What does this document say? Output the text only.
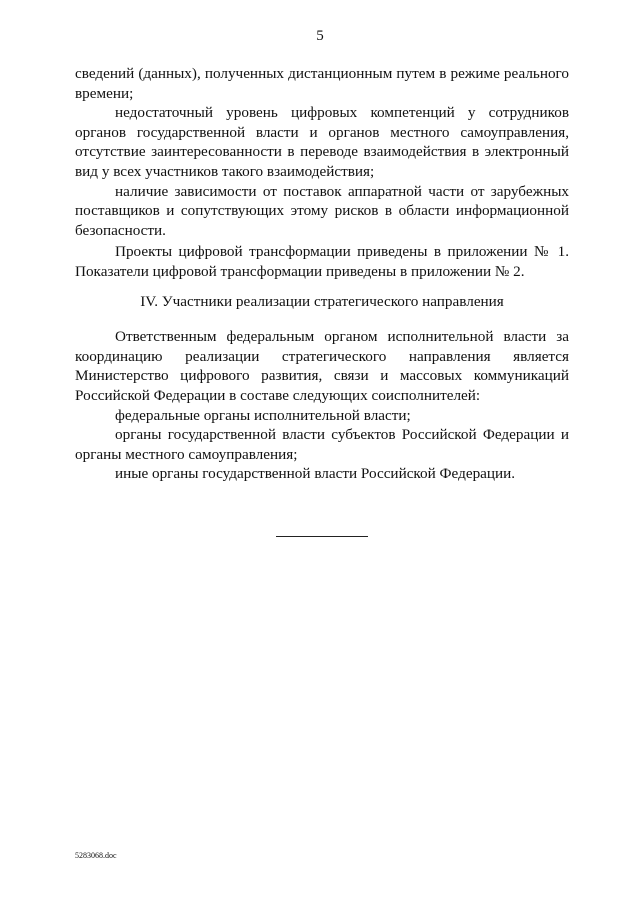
5

сведений (данных), полученных дистанционным путем в режиме реального времени;

недостаточный уровень цифровых компетенций у сотрудников органов государственной власти и органов местного самоуправления, отсутствие заинтересованности в переводе взаимодействия в электронный вид у всех участников такого взаимодействия;

наличие зависимости от поставок аппаратной части от зарубежных поставщиков и сопутствующих этому рисков в области информационной безопасности.

Проекты цифровой трансформации приведены в приложении № 1. Показатели цифровой трансформации приведены в приложении № 2.

IV. Участники реализации стратегического направления

Ответственным федеральным органом исполнительной власти за координацию реализации стратегического направления является Министерство цифрового развития, связи и массовых коммуникаций Российской Федерации в составе следующих соисполнителей:

федеральные органы исполнительной власти;

органы государственной власти субъектов Российской Федерации и органы местного самоуправления;

иные органы государственной власти Российской Федерации.

5283068.doc
